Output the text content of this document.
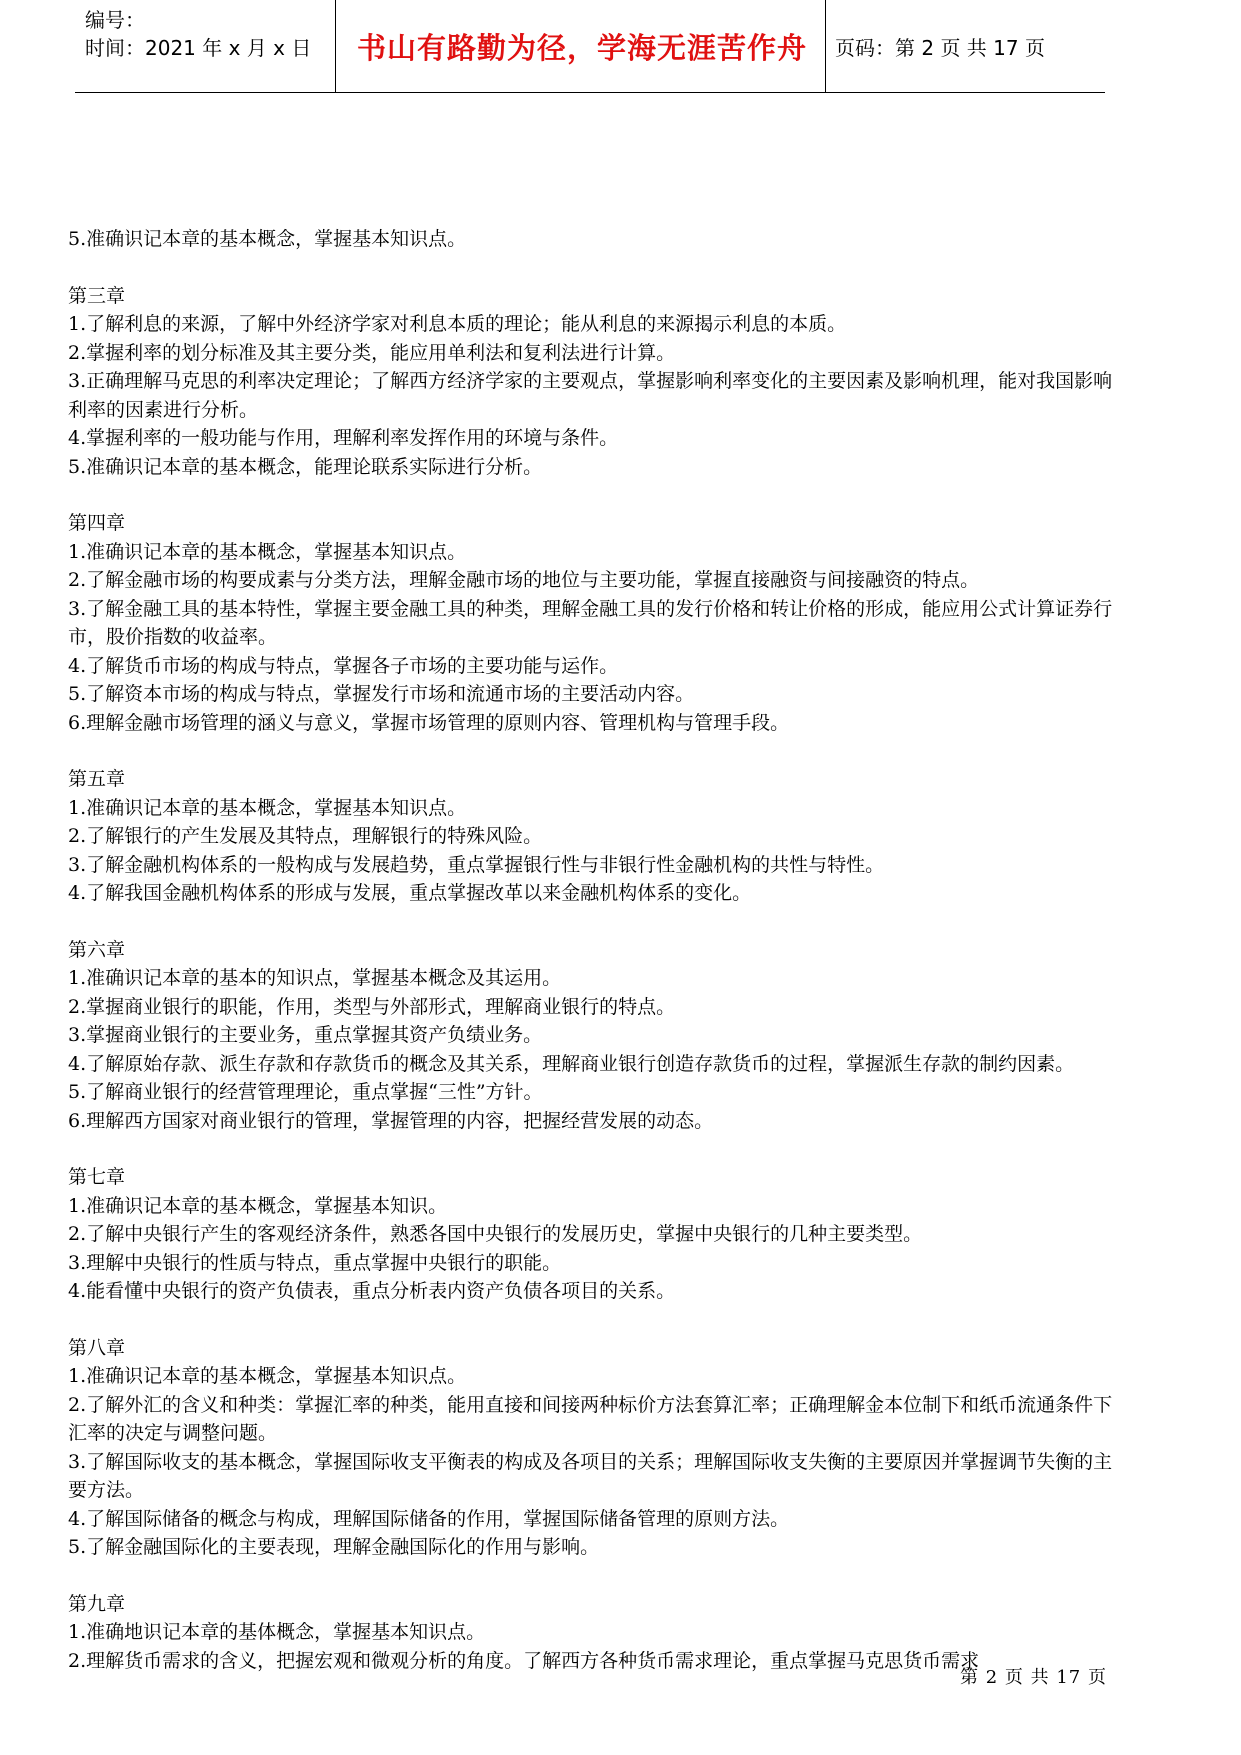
编号：
时间：2021 年 x 月 x 日	书山有路勤为径，学海无涯苦作舟	页码：第 2 页 共 17 页
5.准确识记本章的基本概念，掌握基本知识点。
第三章
1.了解利息的来源，了解中外经济学家对利息本质的理论；能从利息的来源揭示利息的本质。
2.掌握利率的划分标准及其主要分类，能应用单利法和复利法进行计算。
3.正确理解马克思的利率决定理论；了解西方经济学家的主要观点，掌握影响利率变化的主要因素及影响机理，能对我国影响利率的因素进行分析。
4.掌握利率的一般功能与作用，理解利率发挥作用的环境与条件。
5.准确识记本章的基本概念，能理论联系实际进行分析。
第四章
1.准确识记本章的基本概念，掌握基本知识点。
2.了解金融市场的构要成素与分类方法，理解金融市场的地位与主要功能，掌握直接融资与间接融资的特点。
3.了解金融工具的基本特性，掌握主要金融工具的种类，理解金融工具的发行价格和转让价格的形成，能应用公式计算证券行市，股价指数的收益率。
4.了解货币市场的构成与特点，掌握各子市场的主要功能与运作。
5.了解资本市场的构成与特点，掌握发行市场和流通市场的主要活动内容。
6.理解金融市场管理的涵义与意义，掌握市场管理的原则内容、管理机构与管理手段。
第五章
1.准确识记本章的基本概念，掌握基本知识点。
2.了解银行的产生发展及其特点，理解银行的特殊风险。
3.了解金融机构体系的一般构成与发展趋势，重点掌握银行性与非银行性金融机构的共性与特性。
4.了解我国金融机构体系的形成与发展，重点掌握改革以来金融机构体系的变化。
第六章
1.准确识记本章的基本的知识点，掌握基本概念及其运用。
2.掌握商业银行的职能，作用，类型与外部形式，理解商业银行的特点。
3.掌握商业银行的主要业务，重点掌握其资产负绩业务。
4.了解原始存款、派生存款和存款货币的概念及其关系，理解商业银行创造存款货币的过程，掌握派生存款的制约因素。
5.了解商业银行的经营管理理论，重点掌握“三性”方针。
6.理解西方国家对商业银行的管理，掌握管理的内容，把握经营发展的动态。
第七章
1.准确识记本章的基本概念，掌握基本知识。
2.了解中央银行产生的客观经济条件，熟悉各国中央银行的发展历史，掌握中央银行的几种主要类型。
3.理解中央银行的性质与特点，重点掌握中央银行的职能。
4.能看懂中央银行的资产负债表，重点分析表内资产负债各项目的关系。
第八章
1.准确识记本章的基本概念，掌握基本知识点。
2.了解外汇的含义和种类：掌握汇率的种类，能用直接和间接两种标价方法套算汇率；正确理解金本位制下和纸币流通条件下汇率的决定与调整问题。
3.了解国际收支的基本概念，掌握国际收支平衡表的构成及各项目的关系；理解国际收支失衡的主要原因并掌握调节失衡的主要方法。
4.了解国际储备的概念与构成，理解国际储备的作用，掌握国际储备管理的原则方法。
5.了解金融国际化的主要表现，理解金融国际化的作用与影响。
第九章
1.准确地识记本章的基体概念，掌握基本知识点。
2.理解货币需求的含义，把握宏观和微观分析的角度。了解西方各种货币需求理论，重点掌握马克思货币需求
第 2 页 共 17 页
